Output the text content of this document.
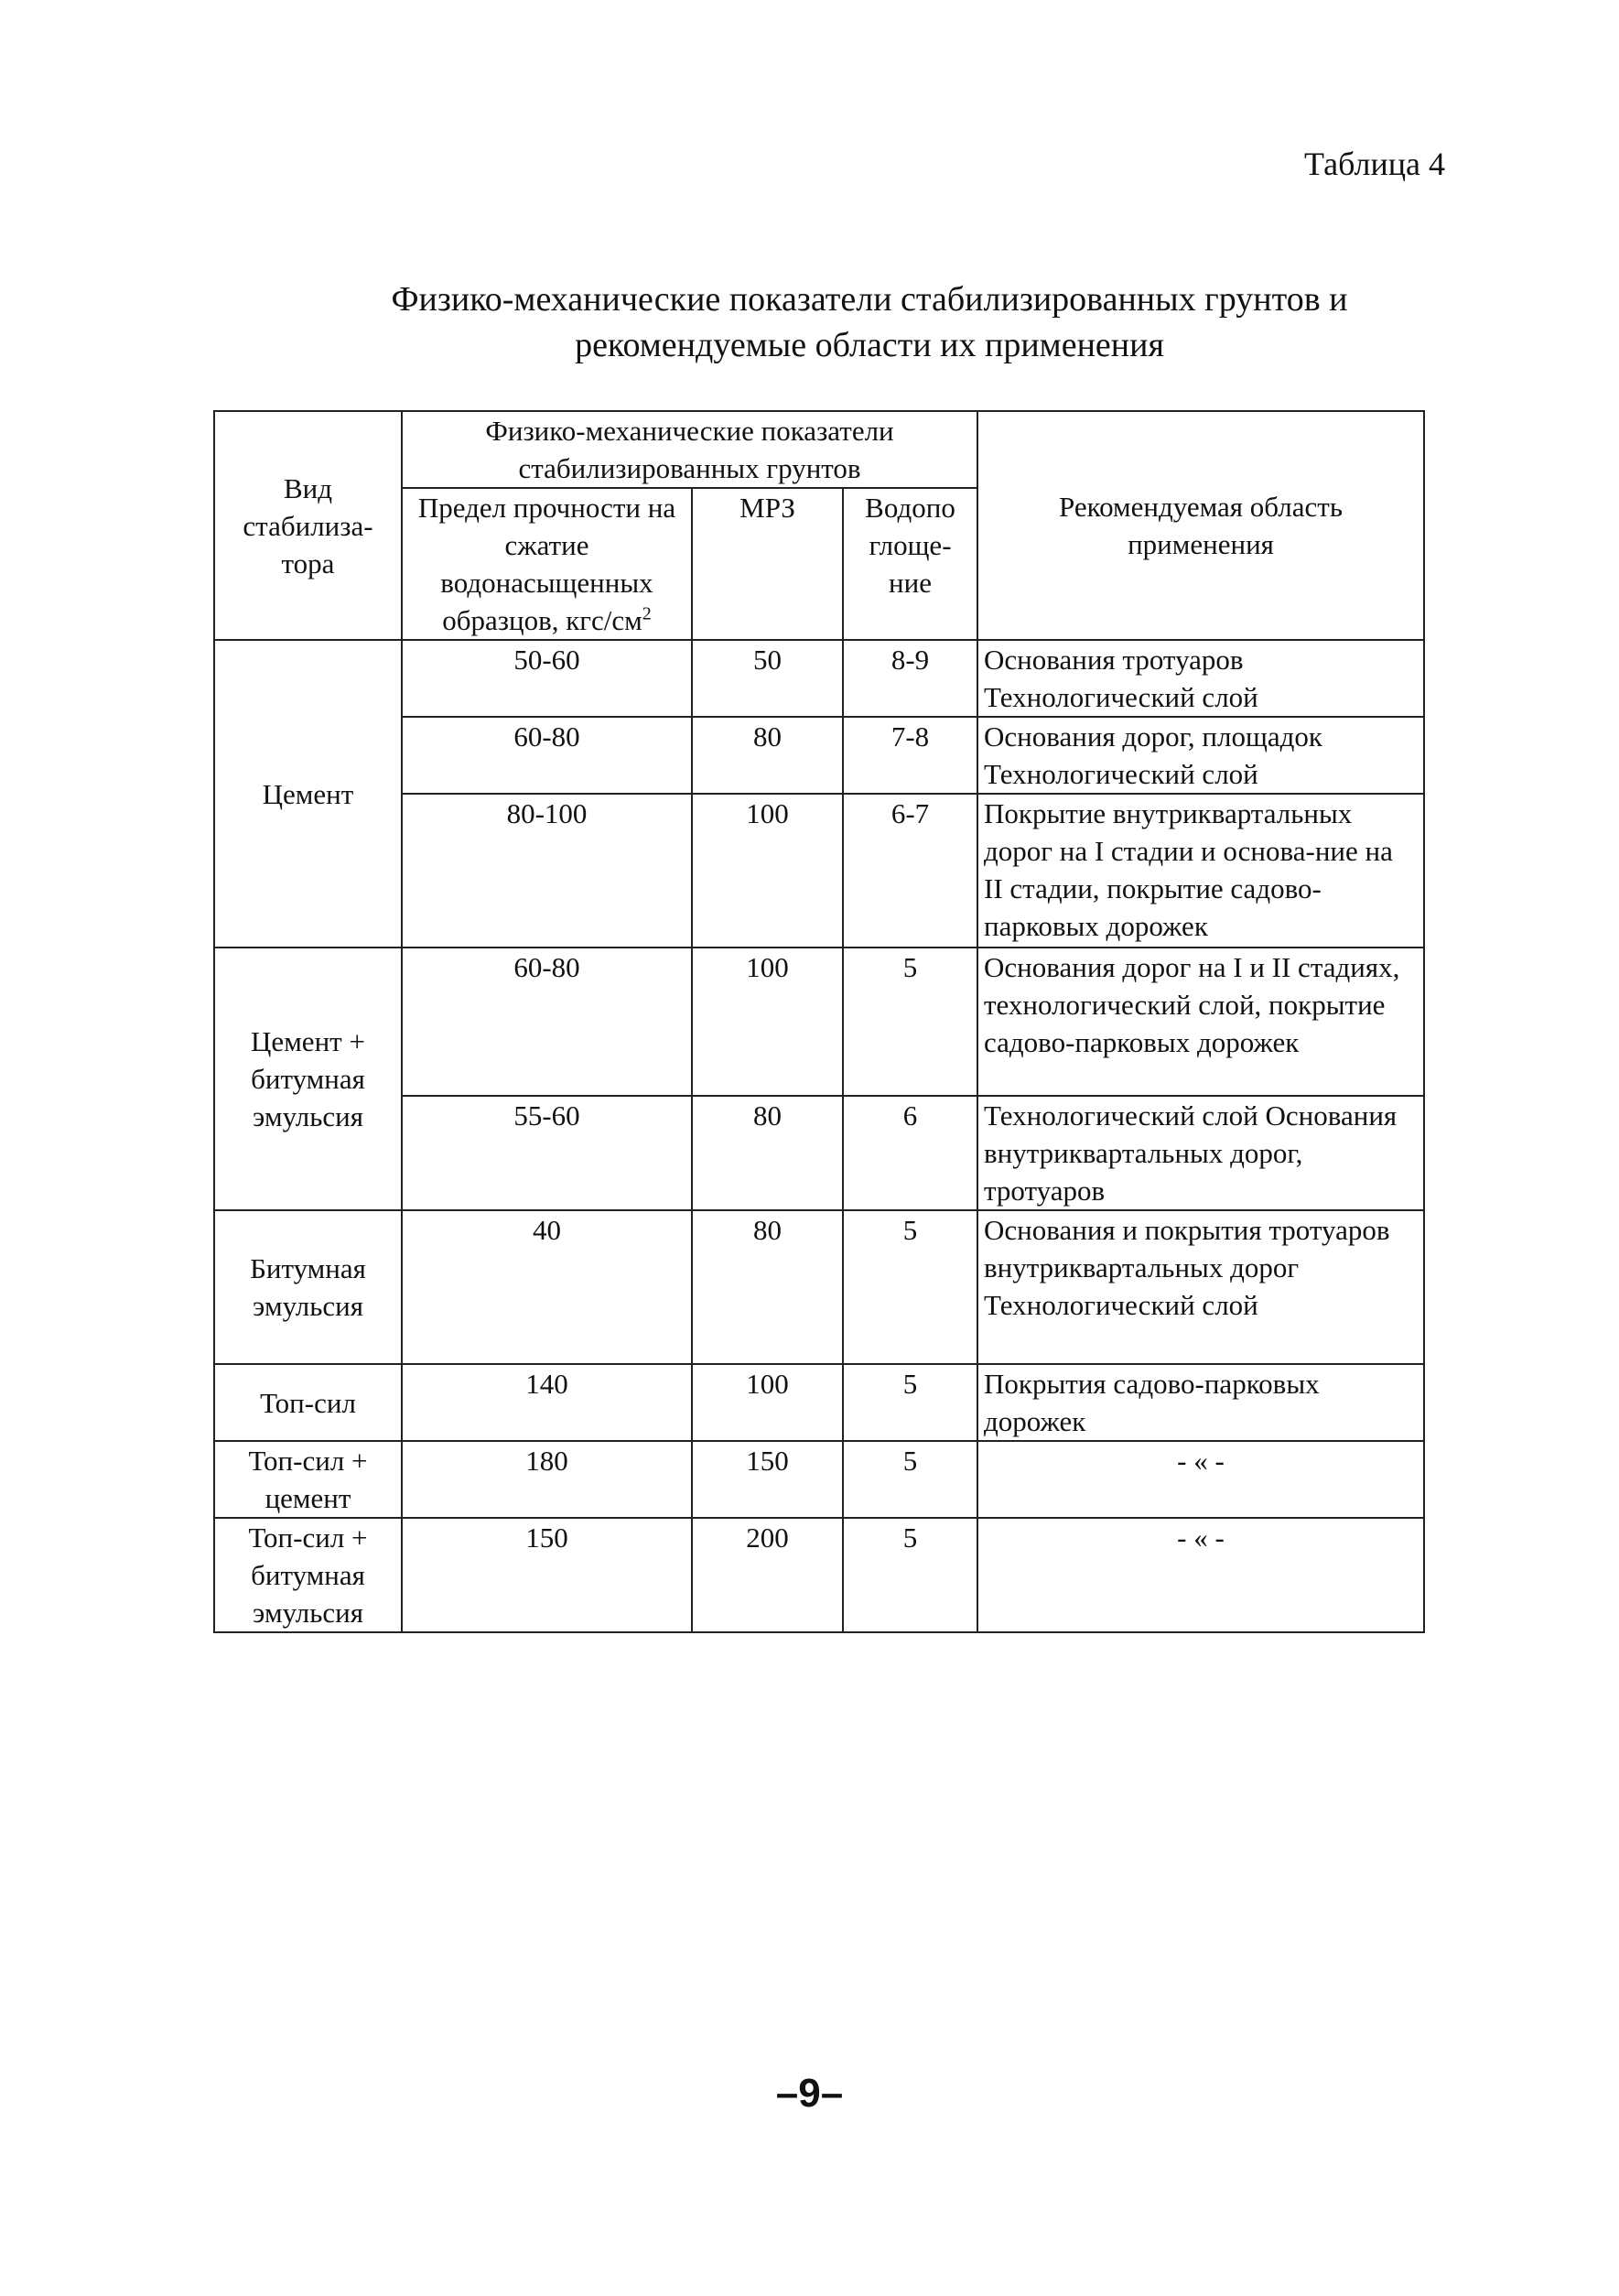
Таблица 4
Физико-механические показатели стабилизированных грунтов и
рекомендуемые области их применения
Вид стабилиза-тора	Физико-механические показатели стабилизированных грунтов			Рекомендуемая область применения
	Предел прочности на сжатие водонасыщенных образцов, кгс/$см^2$	МРЗ	Водопо глоще-ние	
Цемент	50-60	50	8-9	Основания тротуаров Технологический слой
	60-80	80	7-8	Основания дорог, площадок Технологический слой
	80-100	100	6-7	Покрытие внутриквартальных дорог на I стадии и основа-ние на II стадии, покрытие садово-парковых дорожек
Цемент + битумная эмульсия	60-80	100	5	Основания дорог на I и II стадиях, технологический слой, покрытие садово-парковых дорожек
	55-60	80	6	Технологический слой Основания внутриквартальных дорог, тротуаров
Битумная эмульсия	40	80	5	Основания и покрытия тротуаров внутриквартальных дорог Технологический слой
Топ-сил	140	100	5	Покрытия садово-парковых дорожек
Топ-сил + цемент	180	150	5	- « -
Топ-сил + битумная эмульсия	150	200	5	- « -
–9–
